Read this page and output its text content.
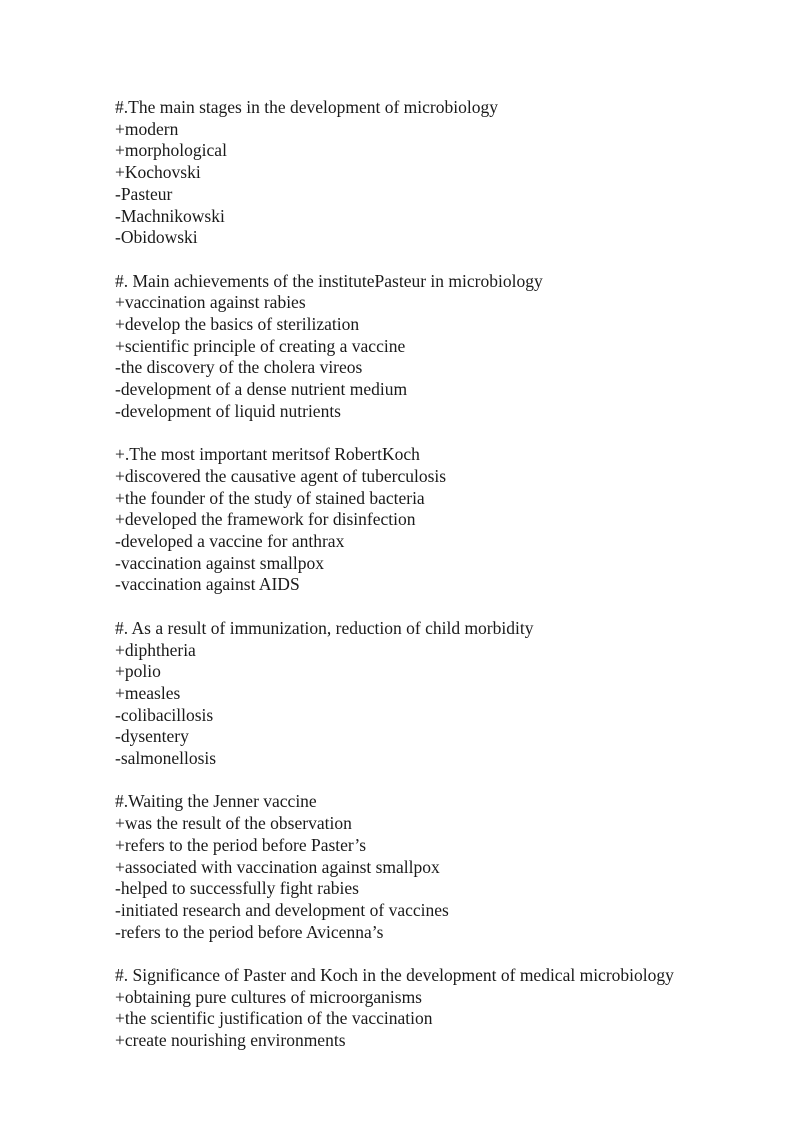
#.The main stages in the development of microbiology
+modern
+morphological
+Kochovski
-Pasteur
-Machnikowski
-Obidowski
#. Main achievements of the institutePasteur in microbiology
+vaccination against rabies
+develop the basics of sterilization
+scientific principle of creating a vaccine
-the discovery of the cholera vireos
-development of a dense nutrient medium
-development of liquid nutrients
+.The most important meritsof RobertKoch
+discovered the causative agent of tuberculosis
+the founder of the study of stained bacteria
+developed the framework for disinfection
-developed a vaccine for anthrax
-vaccination against smallpox
-vaccination against AIDS
#. As a result of immunization, reduction of child morbidity
+diphtheria
+polio
+measles
-colibacillosis
-dysentery
-salmonellosis
#.Waiting the Jenner vaccine
+was the result of the observation
+refers to the period before Paster’s
+associated with vaccination against smallpox
-helped to successfully fight rabies
-initiated research and development of vaccines
-refers to the period before Avicenna’s
#. Significance of Paster and Koch in the development of medical microbiology
+obtaining pure cultures of microorganisms
+the scientific justification of the vaccination
+create nourishing environments
